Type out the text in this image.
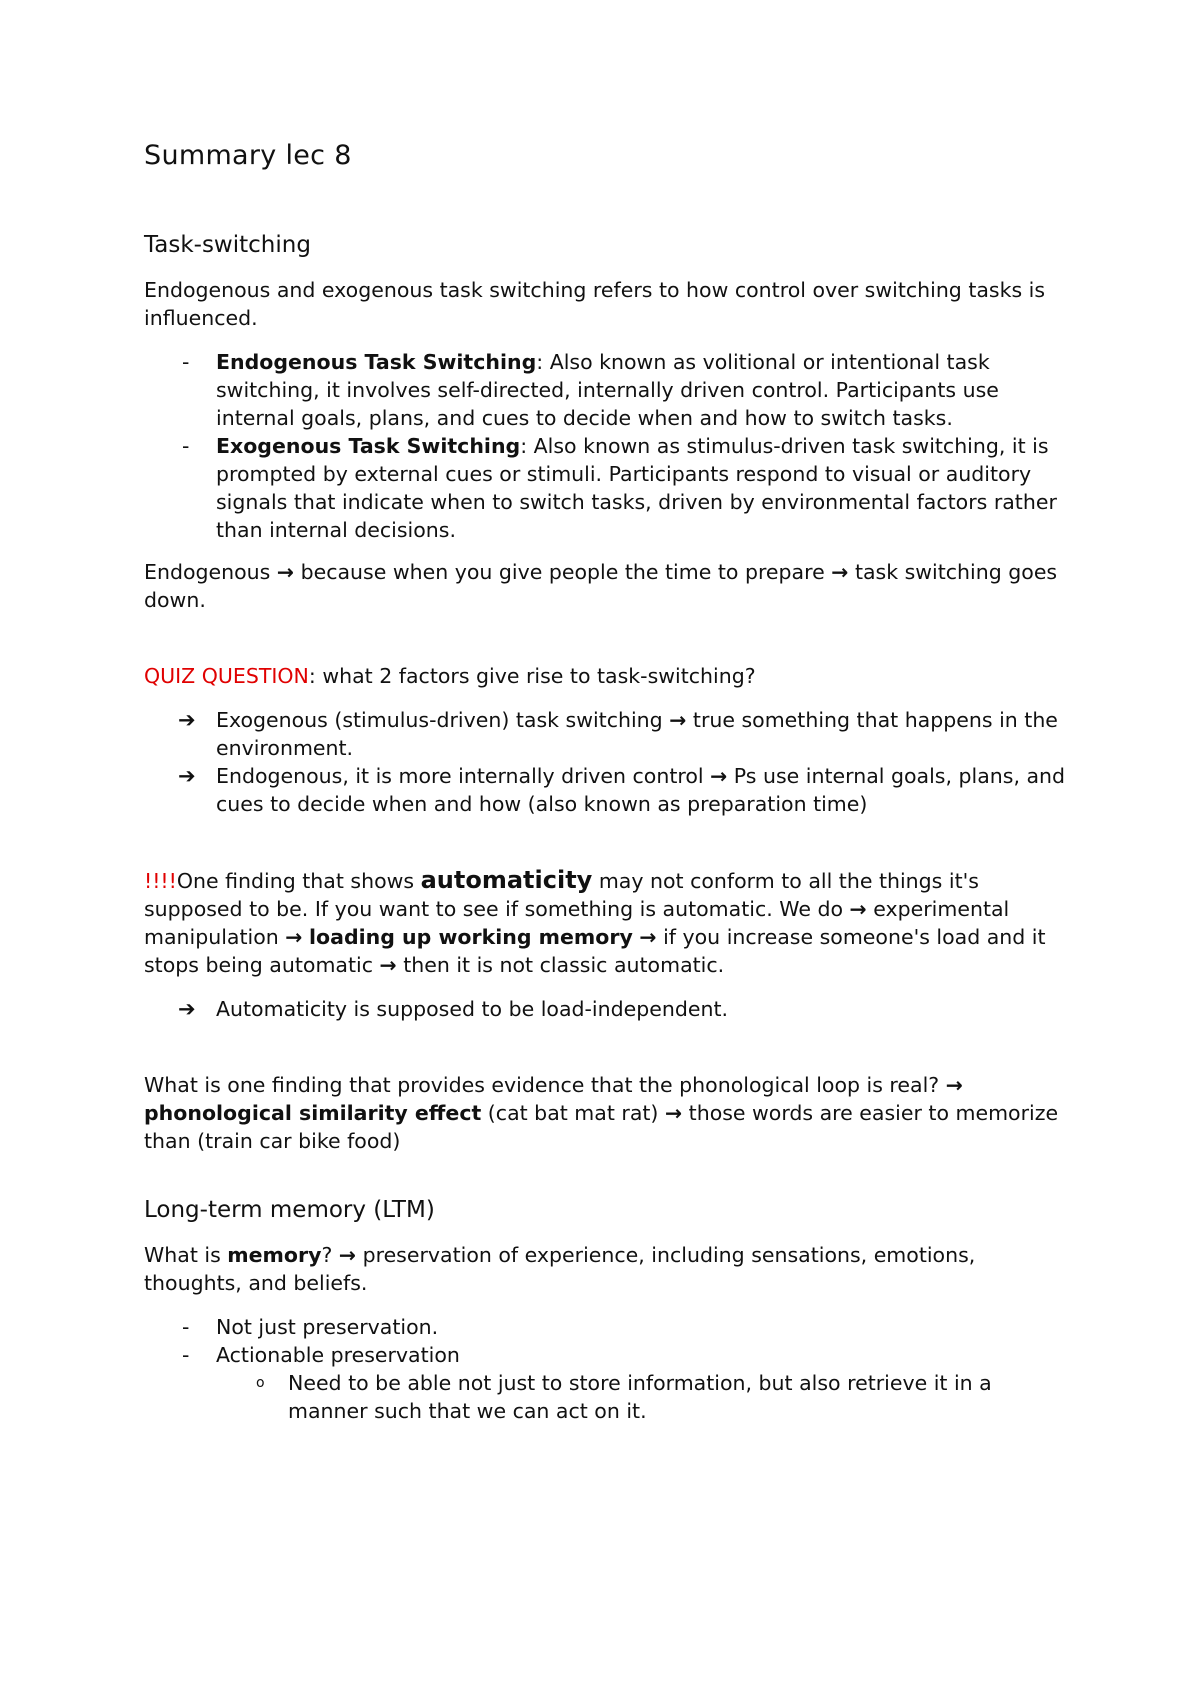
Summary lec 8
Task-switching

Endogenous and exogenous task switching refers to how control over switching tasks is influenced.

- Endogenous Task Switching: Also known as volitional or intentional task switching, it involves self-directed, internally driven control. Participants use internal goals, plans, and cues to decide when and how to switch tasks.
- Exogenous Task Switching: Also known as stimulus-driven task switching, it is prompted by external cues or stimuli. Participants respond to visual or auditory signals that indicate when to switch tasks, driven by environmental factors rather than internal decisions.

Endogenous → because when you give people the time to prepare → task switching goes down.

QUIZ QUESTION: what 2 factors give rise to task-switching?

➔ Exogenous (stimulus-driven) task switching → true something that happens in the environment.
➔ Endogenous, it is more internally driven control → Ps use internal goals, plans, and cues to decide when and how (also known as preparation time)

!!!!One finding that shows automaticity may not conform to all the things it's supposed to be. If you want to see if something is automatic. We do → experimental manipulation → loading up working memory → if you increase someone's load and it stops being automatic → then it is not classic automatic.

➔ Automaticity is supposed to be load-independent.

What is one finding that provides evidence that the phonological loop is real? → phonological similarity effect (cat bat mat rat) → those words are easier to memorize than (train car bike food)

Long-term memory (LTM)

What is memory? → preservation of experience, including sensations, emotions, thoughts, and beliefs.

- Not just preservation.
- Actionable preservation
o Need to be able not just to store information, but also retrieve it in a manner such that we can act on it.
